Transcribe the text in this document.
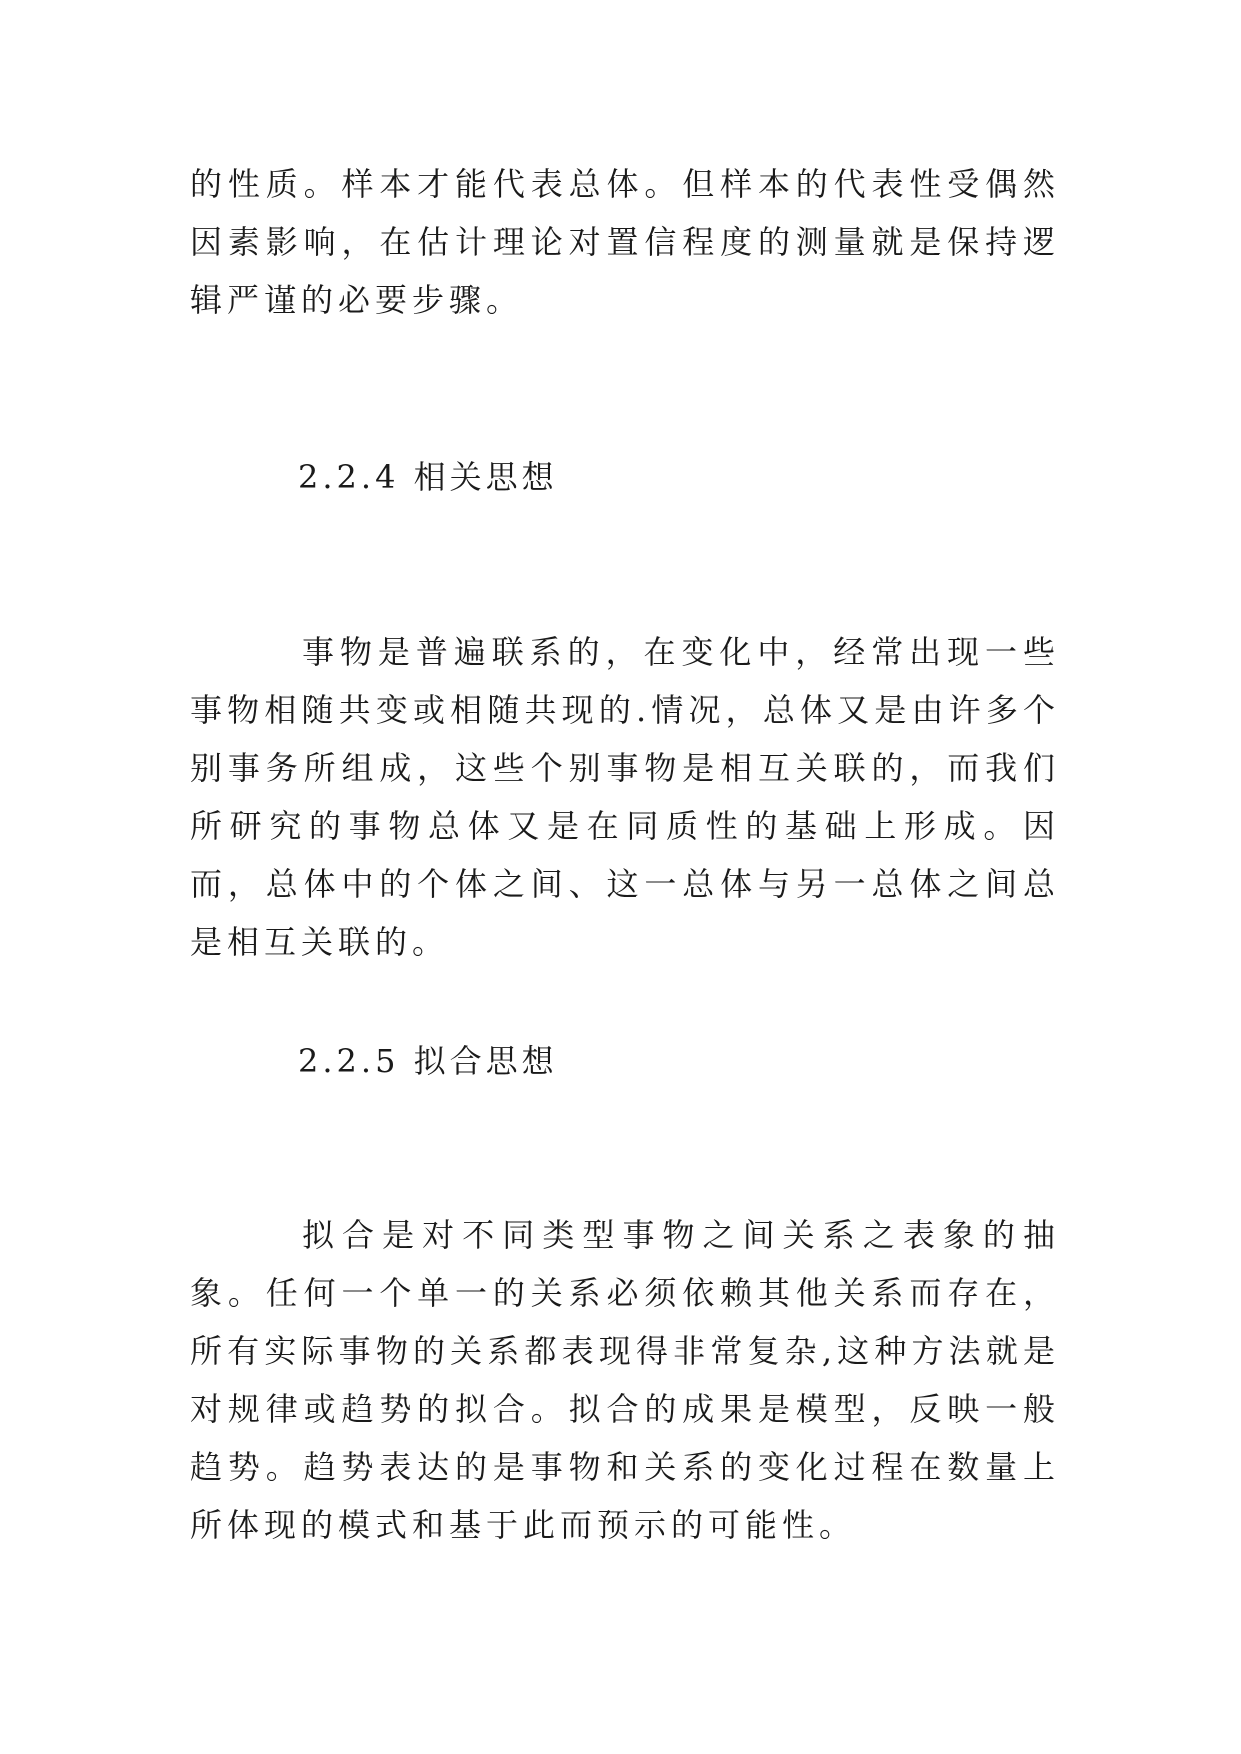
的性质。样本才能代表总体。但样本的代表性受偶然因素影响，在估计理论对置信程度的测量就是保持逻辑严谨的必要步骤。

2.2.4 相关思想

事物是普遍联系的，在变化中，经常出现一些事物相随共变或相随共现的.情况，总体又是由许多个别事务所组成，这些个别事物是相互关联的，而我们所研究的事物总体又是在同质性的基础上形成。因而，总体中的个体之间、这一总体与另一总体之间总是相互关联的。

2.2.5 拟合思想

拟合是对不同类型事物之间关系之表象的抽象。任何一个单一的关系必须依赖其他关系而存在，所有实际事物的关系都表现得非常复杂,这种方法就是对规律或趋势的拟合。拟合的成果是模型，反映一般趋势。趋势表达的是事物和关系的变化过程在数量上所体现的模式和基于此而预示的可能性。
